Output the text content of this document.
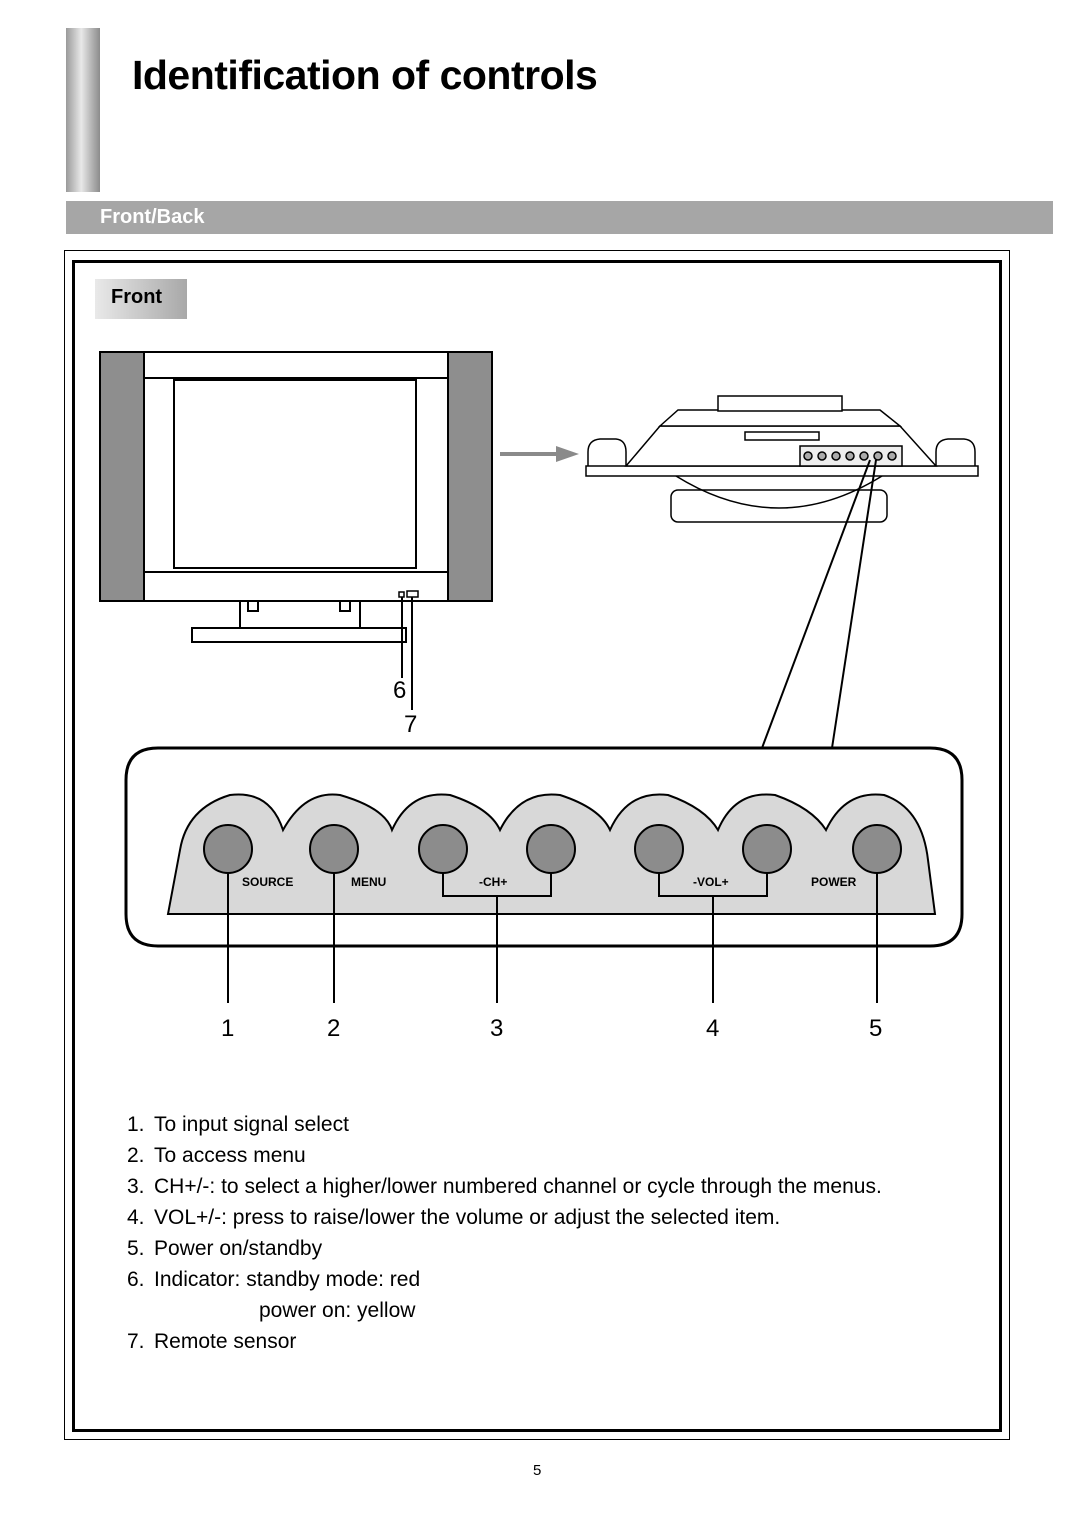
Identification of controls
Front/Back
Front
SOURCE	MENU	-CH+	-VOL+	POWER
6
7
1	2	3	4	5
1. To input signal select
2. To access menu
3. CH+/-: to select a higher/lower numbered channel or cycle through the menus.
4. VOL+/-: press to raise/lower the volume or adjust the selected item.
5. Power on/standby
6. Indicator: standby mode: red
power on: yellow
7. Remote sensor
5
